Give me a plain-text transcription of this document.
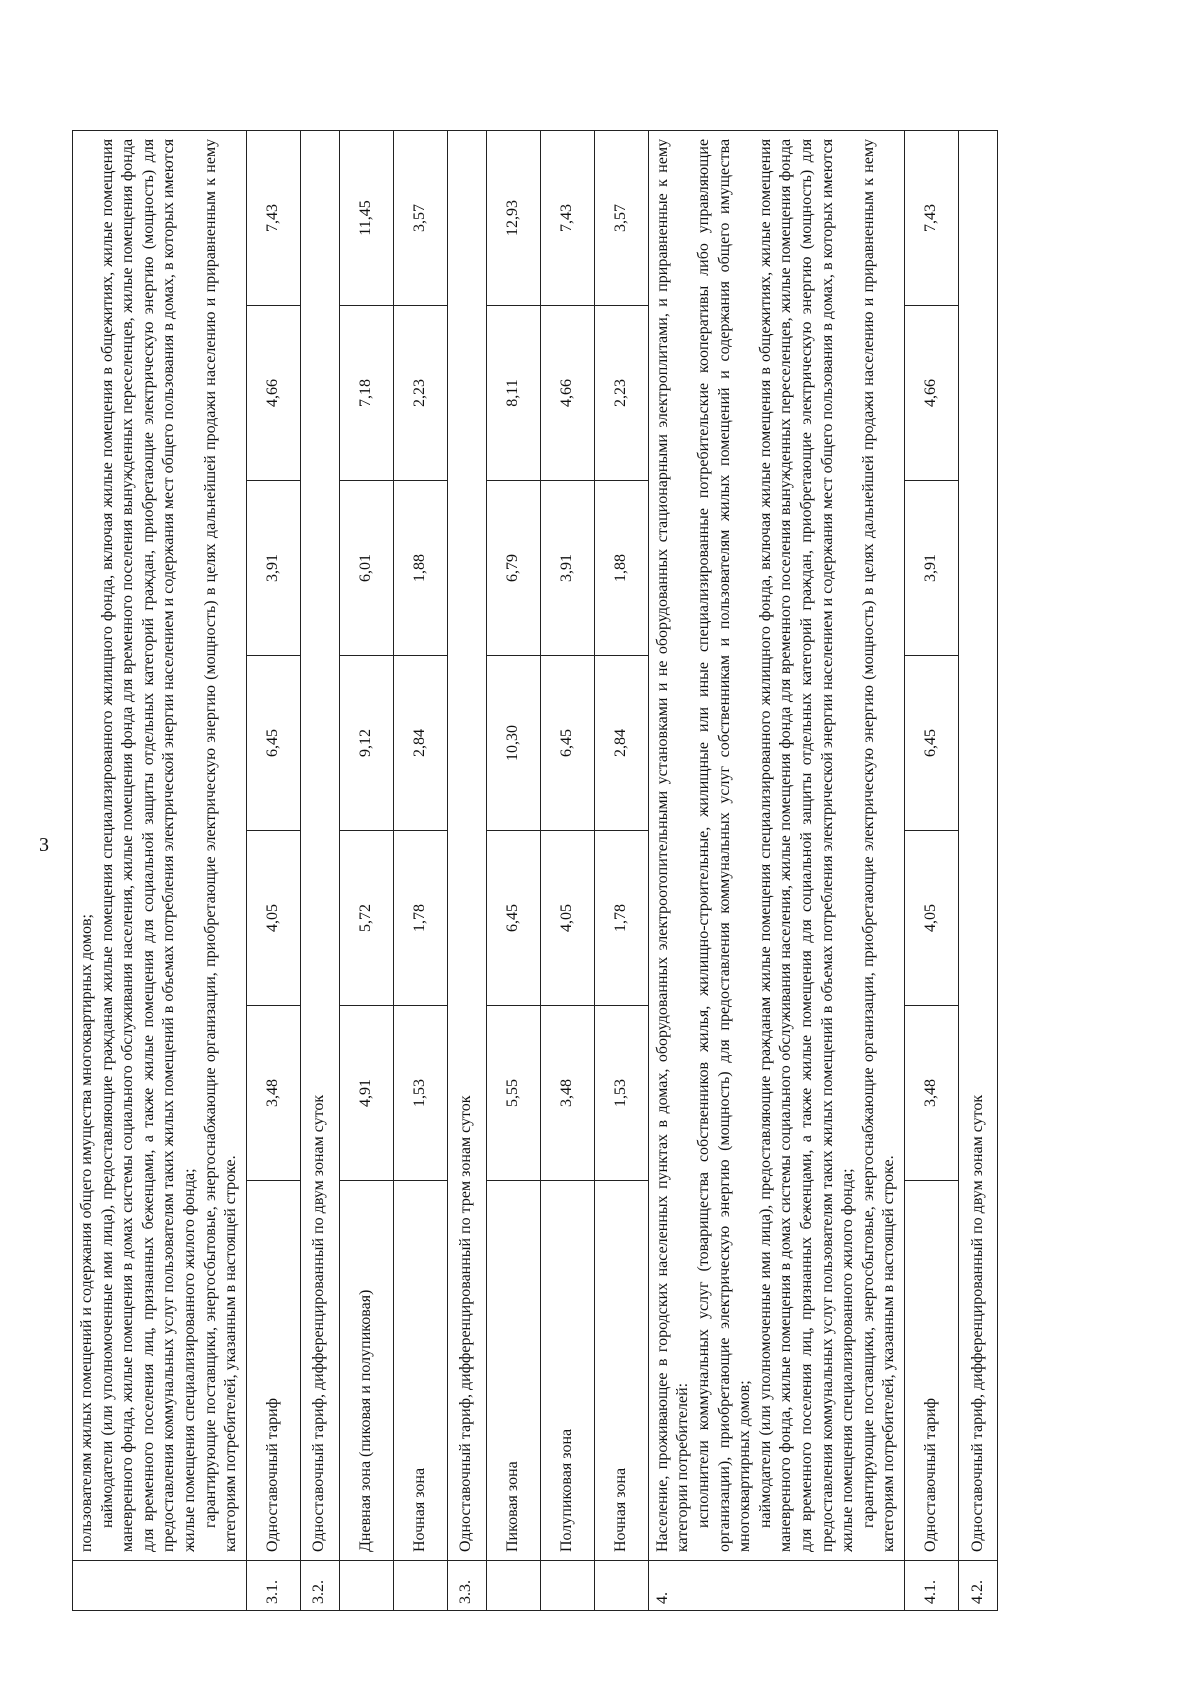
3

	пользователям жилых помещений и содержания общего имущества многоквартирных домов; наймодатели (или уполномоченные ими лица), предоставляющие гражданам жилые помещения специализированного жилищного фонда, включая жилые помещения в общежитиях, жилые помещения маневренного фонда, жилые помещения в домах системы социального обслуживания населения, жилые помещения фонда для временного поселения вынужденных переселенцев, жилые помещения фонда для временного поселения лиц, признанных беженцами, а также жилые помещения для социальной защиты отдельных категорий граждан, приобретающие электрическую энергию (мощность) для предоставления коммунальных услуг пользователям таких жилых помещений в объемах потребления электрической энергии населением и содержания мест общего пользования в домах, в которых имеются жилые помещения специализированного жилого фонда; гарантирующие поставщики, энергосбытовые, энергоснабжающие организации, приобретающие электрическую энергию (мощность) в целях дальнейшей продажи населению и приравненным к нему категориям потребителей, указанным в настоящей строке.						

3.1.	Одноставочный тариф	3,48	4,05	6,45	3,91	4,66	7,43
3.2.	Одноставочный тариф, дифференцированный по двум зонам суток						
	Дневная зона (пиковая и полупиковая)	4,91	5,72	9,12	6,01	7,18	11,45
	Ночная зона	1,53	1,78	2,84	1,88	2,23	3,57
3.3.	Одноставочный тариф, дифференцированный по трем зонам суток						
	Пиковая зона	5,55	6,45	10,30	6,79	8,11	12,93
	Полупиковая зона	3,48	4,05	6,45	3,91	4,66	7,43
	Ночная зона	1,53	1,78	2,84	1,88	2,23	3,57
4.	Население, проживающее в городских населенных пунктах в домах, оборудованных электроотопительными установками и не оборудованных стационарными электроплитами, и приравненные к нему категории потребителей: исполнители коммунальных услуг (товарищества собственников жилья, жилищно-строительные, жилищные или иные специализированные потребительские кооперативы либо управляющие организации), приобретающие электрическую энергию (мощность) для предоставления коммунальных услуг собственникам и пользователям жилых помещений и содержания общего имущества многоквартирных домов; наймодатели (или уполномоченные ими лица), предоставляющие гражданам жилые помещения специализированного жилищного фонда, включая жилые помещения в общежитиях, жилые помещения маневренного фонда, жилые помещения в домах системы социального обслуживания населения, жилые помещения фонда для временного поселения вынужденных переселенцев, жилые помещения фонда для временного поселения лиц, признанных беженцами, а также жилые помещения для социальной защиты отдельных категорий граждан, приобретающие электрическую энергию (мощность) для предоставления коммунальных услуг пользователям таких жилых помещений в объемах потребления электрической энергии населением и содержания мест общего пользования в домах, в которых имеются жилые помещения специализированного жилого фонда; гарантирующие поставщики, энергосбытовые, энергоснабжающие организации, приобретающие электрическую энергию (мощность) в целях дальнейшей продажи населению и приравненным к нему категориям потребителей, указанным в настоящей строке.						

4.1.	Одноставочный тариф	3,48	4,05	6,45	3,91	4,66	7,43
4.2.	Одноставочный тариф, дифференцированный по двум зонам суток						
